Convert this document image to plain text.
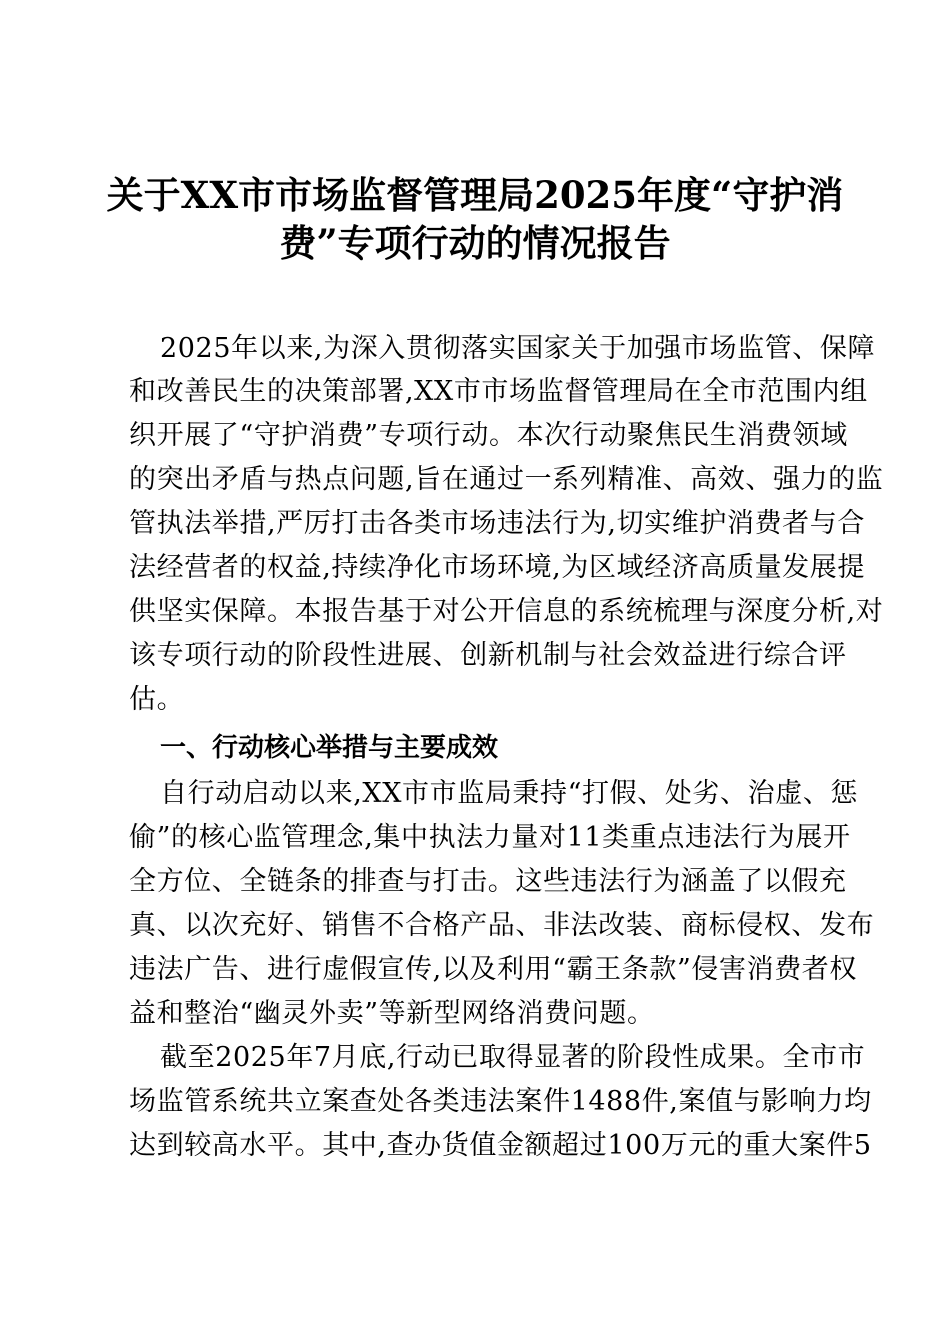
关于XX市市场监督管理局2025年度“守护消
费”专项行动的情况报告
2025年以来,为深入贯彻落实国家关于加强市场监管、保障
和改善民生的决策部署,XX市市场监督管理局在全市范围内组
织开展了“守护消费”专项行动。本次行动聚焦民生消费领域
的突出矛盾与热点问题,旨在通过一系列精准、高效、强力的监
管执法举措,严厉打击各类市场违法行为,切实维护消费者与合
法经营者的权益,持续净化市场环境,为区域经济高质量发展提
供坚实保障。本报告基于对公开信息的系统梳理与深度分析,对
该专项行动的阶段性进展、创新机制与社会效益进行综合评
估。
一、行动核心举措与主要成效
自行动启动以来,XX市市监局秉持“打假、处劣、治虚、惩
偷”的核心监管理念,集中执法力量对11类重点违法行为展开
全方位、全链条的排查与打击。这些违法行为涵盖了以假充
真、以次充好、销售不合格产品、非法改装、商标侵权、发布
违法广告、进行虚假宣传,以及利用“霸王条款”侵害消费者权
益和整治“幽灵外卖”等新型网络消费问题。
截至2025年7月底,行动已取得显著的阶段性成果。全市市
场监管系统共立案查处各类违法案件1488件,案值与影响力均
达到较高水平。其中,查办货值金额超过100万元的重大案件5
